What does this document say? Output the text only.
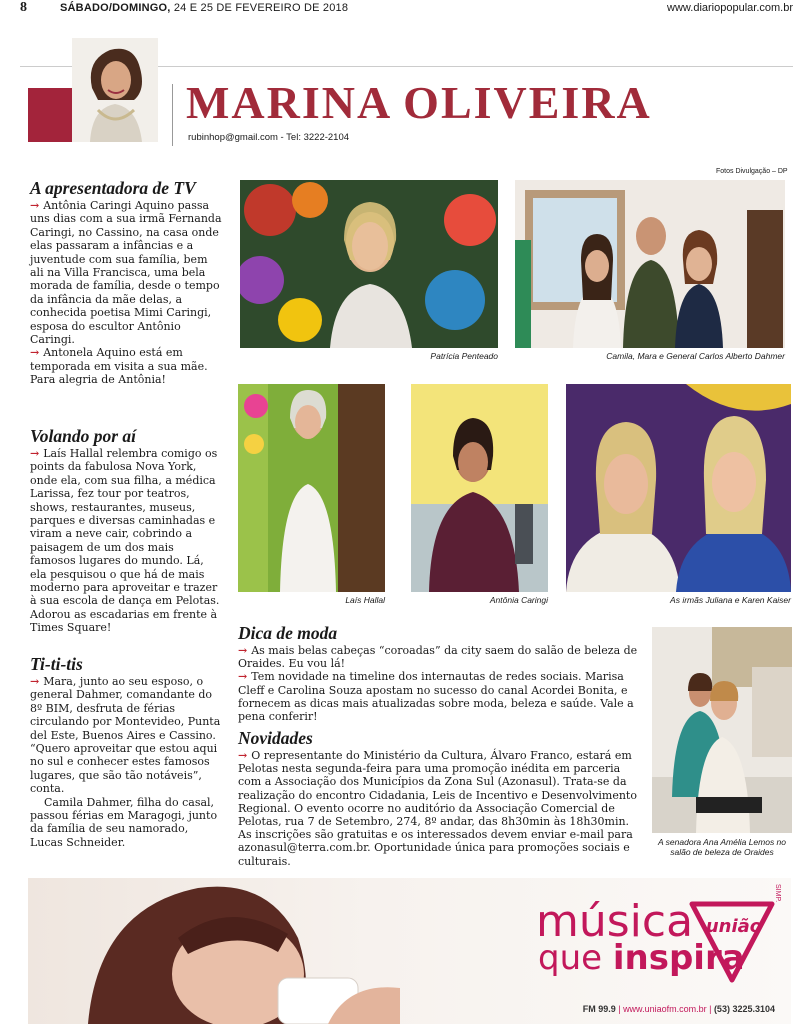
8	SÁBADO/DOMINGO, 24 E 25 DE FEVEREIRO DE 2018	www.diariopopular.com.br
MARINA OLIVEIRA
rubinhop@gmail.com - Tel: 3222-2104
Fotos Divulgação – DP
A apresentadora de TV

→ Antônia Caringi Aquino passa uns dias com a sua irmã Fernanda Caringi, no Cassino, na casa onde elas passaram a infâncias e a juventude com sua família, bem ali na Villa Francisca, uma bela morada de família, desde o tempo da infância da mãe delas, a conhecida poetisa Mimi Caringi, esposa do escultor Antônio Caringi.

→ Antonela Aquino está em temporada em visita a sua mãe. Para alegria de Antônia!

Volando por aí

→ Laís Hallal relembra comigo os points da fabulosa Nova York, onde ela, com sua filha, a médica Larissa, fez tour por teatros, shows, restaurantes, museus, parques e diversas caminhadas e viram a neve cair, cobrindo a paisagem de um dos mais famosos lugares do mundo. Lá, ela pesquisou o que há de mais moderno para aproveitar e trazer à sua escola de dança em Pelotas. Adorou as escadarias em frente à Times Square!

Ti-ti-tis

→ Mara, junto ao seu esposo, o general Dahmer, comandante do 8º BIM, desfruta de férias circulando por Montevideo, Punta del Este, Buenos Aires e Cassino. “Quero aproveitar que estou aqui no sul e conhecer estes famosos lugares, que são tão notáveis”, conta.

Camila Dahmer, filha do casal, passou férias em Maragogi, junto da família de seu namorado, Lucas Schneider.

Patrícia Penteado	Camila, Mara e General Carlos Alberto Dahmer
Laís Hallal	Antônia Caringi	As irmãs Juliana e Karen Kaiser
A senadora Ana Amélia Lemos no
salão de beleza de Oraides
Dica de moda

→ As mais belas cabeças “coroadas” da city saem do salão de beleza de Oraides. Eu vou lá!

→ Tem novidade na timeline dos internautas de redes sociais. Marisa Cleff e Carolina Souza apostam no sucesso do canal Acordei Bonita, e fornecem as dicas mais atualizadas sobre moda, beleza e saúde. Vale a pena conferir!

Novidades

→ O representante do Ministério da Cultura, Álvaro Franco, estará em Pelotas nesta segunda-feira para uma promoção inédita em parceria com a Associação dos Municípios da Zona Sul (Azonasul). Trata-se da realização do encontro Cidadania, Leis de Incentivo e Desenvolvimento Regional. O evento ocorre no auditório da Associação Comercial de Pelotas, rua 7 de Setembro, 274, 8º andar, das 8h30min às 18h30min. As inscrições são gratuitas e os interessados devem enviar e-mail para azonasul@terra.com.br. Oportunidade única para promoções sociais e culturais.

música
que inspira
união
SIMP.
FM 99.9 | www.uniaofm.com.br | (53) 3225.3104
